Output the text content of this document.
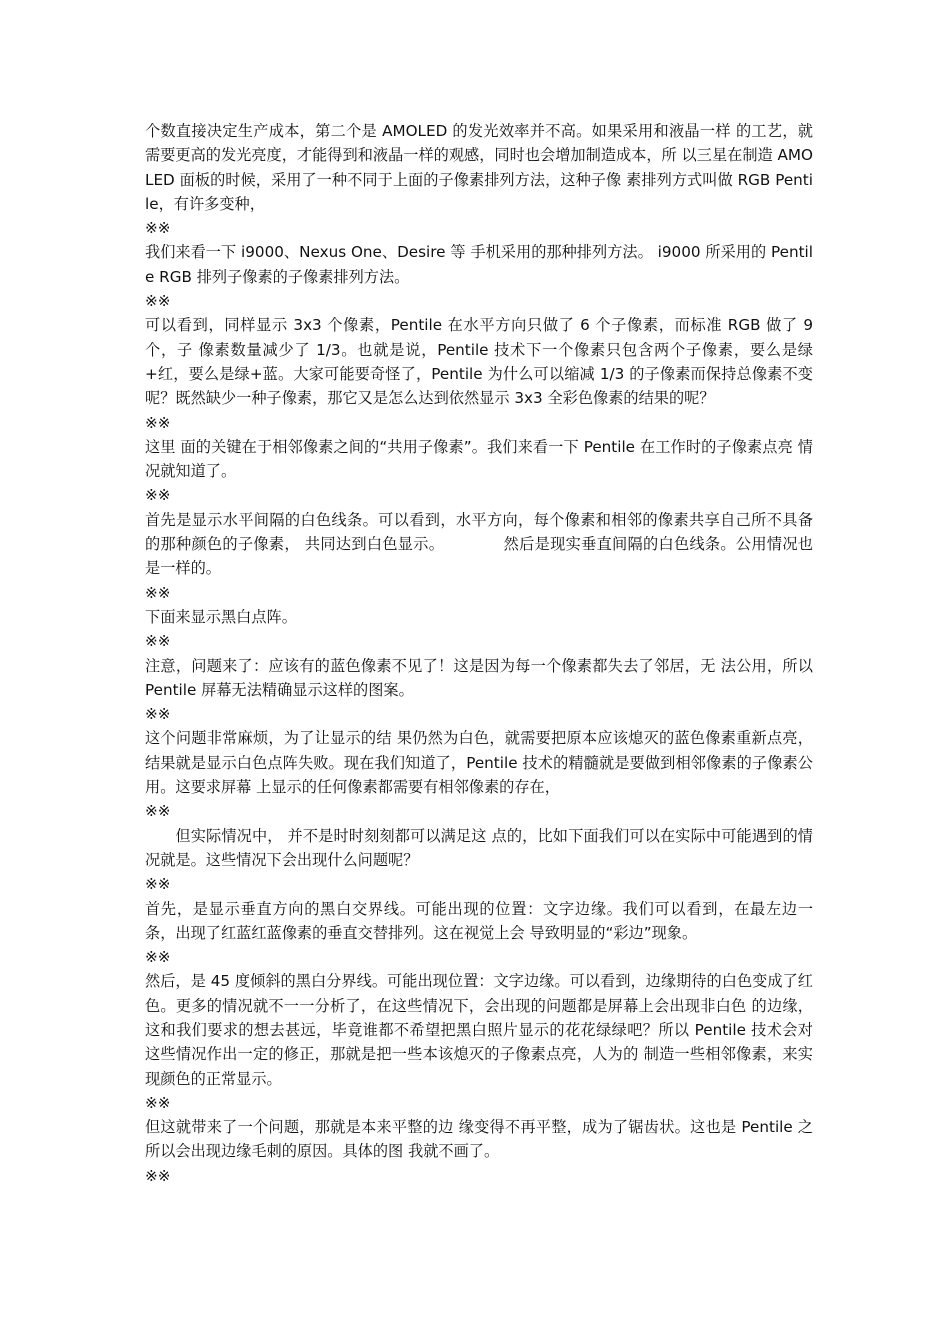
个数直接决定生产成本，第二个是 AMOLED 的发光效率并不高。如果采用和液晶一样 的工艺，就需要更高的发光亮度，才能得到和液晶一样的观感，同时也会增加制造成本，所 以三星在制造 AMOLED 面板的时候，采用了一种不同于上面的子像素排列方法，这种子像 素排列方式叫做 RGB Pentile，有许多变种，

※※

我们来看一下 i9000、Nexus One、Desire 等 手机采用的那种排列方法。 i9000 所采用的 Pentile RGB 排列子像素的子像素排列方法。

※※

可以看到，同样显示 3x3 个像素，Pentile 在水平方向只做了 6 个子像素，而标准 RGB 做了 9 个，子 像素数量减少了 1/3。也就是说，Pentile 技术下一个像素只包含两个子像素，要么是绿+红，要么是绿+蓝。大家可能要奇怪了，Pentile 为什么可以缩减 1/3 的子像素而保持总像素不变 呢？既然缺少一种子像素，那它又是怎么达到依然显示 3x3 全彩色像素的结果的呢？

※※

这里 面的关键在于相邻像素之间的“共用子像素”。我们来看一下 Pentile 在工作时的子像素点亮 情况就知道了。

※※

首先是显示水平间隔的白色线条。可以看到，水平方向，每个像素和相邻的像素共享自己所不具备的那种颜色的子像素， 共同达到白色显示。　　　　 然后是现实垂直间隔的白色线条。公用情况也是一样的。

※※

下面来显示黑白点阵。

※※

注意，问题来了：应该有的蓝色像素不见了！这是因为每一个像素都失去了邻居，无 法公用，所以 Pentile 屏幕无法精确显示这样的图案。

※※

这个问题非常麻烦，为了让显示的结 果仍然为白色，就需要把原本应该熄灭的蓝色像素重新点亮，结果就是显示白色点阵失败。现在我们知道了，Pentile 技术的精髓就是要做到相邻像素的子像素公用。这要求屏幕 上显示的任何像素都需要有相邻像素的存在，

※※

但实际情况中， 并不是时时刻刻都可以满足这 点的，比如下面我们可以在实际中可能遇到的情况就是。这些情况下会出现什么问题呢？

※※

首先，是显示垂直方向的黑白交界线。可能出现的位置：文字边缘。我们可以看到，在最左边一条，出现了红蓝红蓝像素的垂直交替排列。这在视觉上会 导致明显的“彩边”现象。

※※

然后，是 45 度倾斜的黑白分界线。可能出现位置：文字边缘。可以看到，边缘期待的白色变成了红色。更多的情况就不一一分析了，在这些情况下，会出现的问题都是屏幕上会出现非白色 的边缘，这和我们要求的想去甚远，毕竟谁都不希望把黑白照片显示的花花绿绿吧？所以 Pentile 技术会对这些情况作出一定的修正，那就是把一些本该熄灭的子像素点亮，人为的 制造一些相邻像素，来实现颜色的正常显示。

※※

但这就带来了一个问题，那就是本来平整的边 缘变得不再平整，成为了锯齿状。这也是 Pentile 之所以会出现边缘毛刺的原因。具体的图 我就不画了。

※※
